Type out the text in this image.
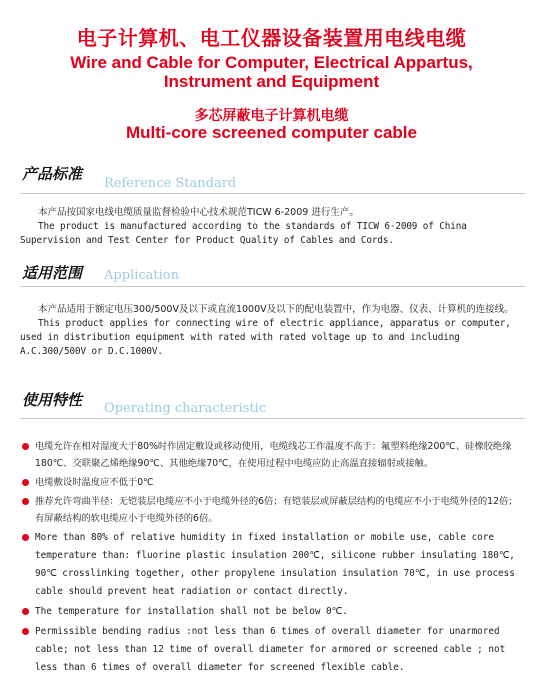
电子计算机、电工仪器设备装置用电线电缆
Wire and Cable for Computer, Electrical Appartus,
Instrument and Equipment
多芯屏蔽电子计算机电缆
Multi-core screened computer cable
产品标准
Reference Standard
本产品按国家电线电缆质量监督检验中心技术规范TICW 6-2009 进行生产。
The product is manufactured according to the standards of TICW 6-2009 of China Supervision and Test Center for Product Quality of Cables and Cords.
适用范围 Application
本产品适用于额定电压300/500V及以下或直流1000V及以下的配电装置中，作为电器、仪表、计算机的连接线。
This product applies for connecting wire of electric appliance, apparatus or computer, used in distribution equipment with rated with rated voltage up to and including A.C.300/500V or D.C.1000V.
使用特性 Operating characteristic
电缆允许在相对湿度大于80%时作固定敷设或移动使用，电缆线芯工作温度不高于：氟塑料绝缘200℃、硅橡胶绝缘180℃、交联聚乙烯绝缘90℃、其他绝缘70℃，在使用过程中电缆应防止高温直接辐射或接触。
电缆敷设时温度应不低于0℃
推荐允许弯曲半径：无铠装层电缆应不小于电缆外径的6倍；有铠装层或屏蔽层结构的电缆应不小于电缆外径的12倍；有屏蔽结构的软电缆应小于电缆外径的6倍。
More than 80% of relative humidity in fixed installation or mobile use, cable core temperature than: fluorine plastic insulation 200℃, silicone rubber insulating 180℃, 90℃ crosslinking together, other propylene insulation insulation 70℃, in use process cable should prevent heat radiation or contact directly.
The temperature for installation shall not be below 0℃.
Permissible bending radius :not less than 6 times of overall diameter for unarmored cable; not less than 12 time of overall diameter for armored or screened cable ; not less than 6 times of overall diameter for screened flexible cable.
